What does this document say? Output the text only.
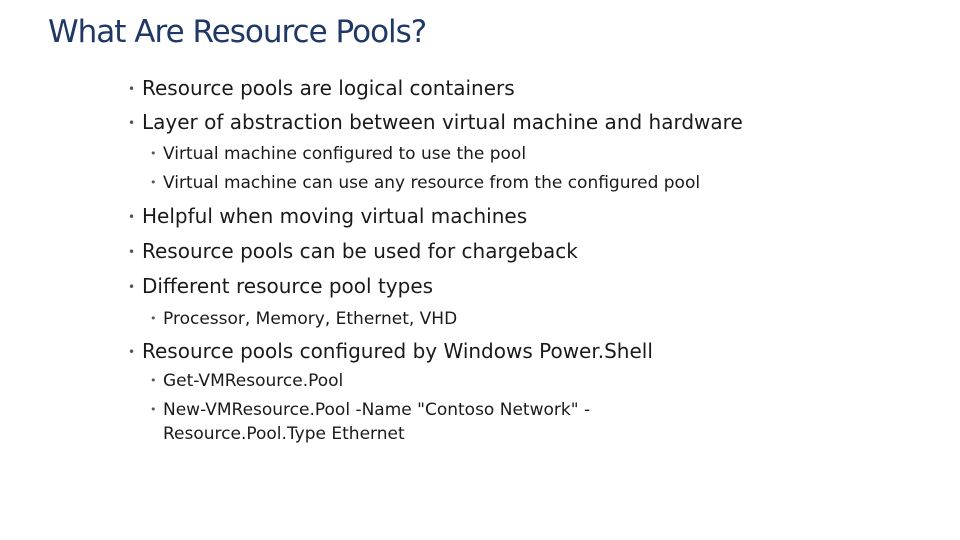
What Are Resource Pools?
• Resource pools are logical containers
• Layer of abstraction between virtual machine and hardware
• Virtual machine configured to use the pool
• Virtual machine can use any resource from the configured pool
• Helpful when moving virtual machines
• Resource pools can be used for chargeback
• Different resource pool types
• Processor, Memory, Ethernet, VHD
• Resource pools configured by Windows Power.Shell
• Get-VMResource.Pool
• New-VMResource.Pool -Name "Contoso Network" -Resource.Pool.Type Ethernet
